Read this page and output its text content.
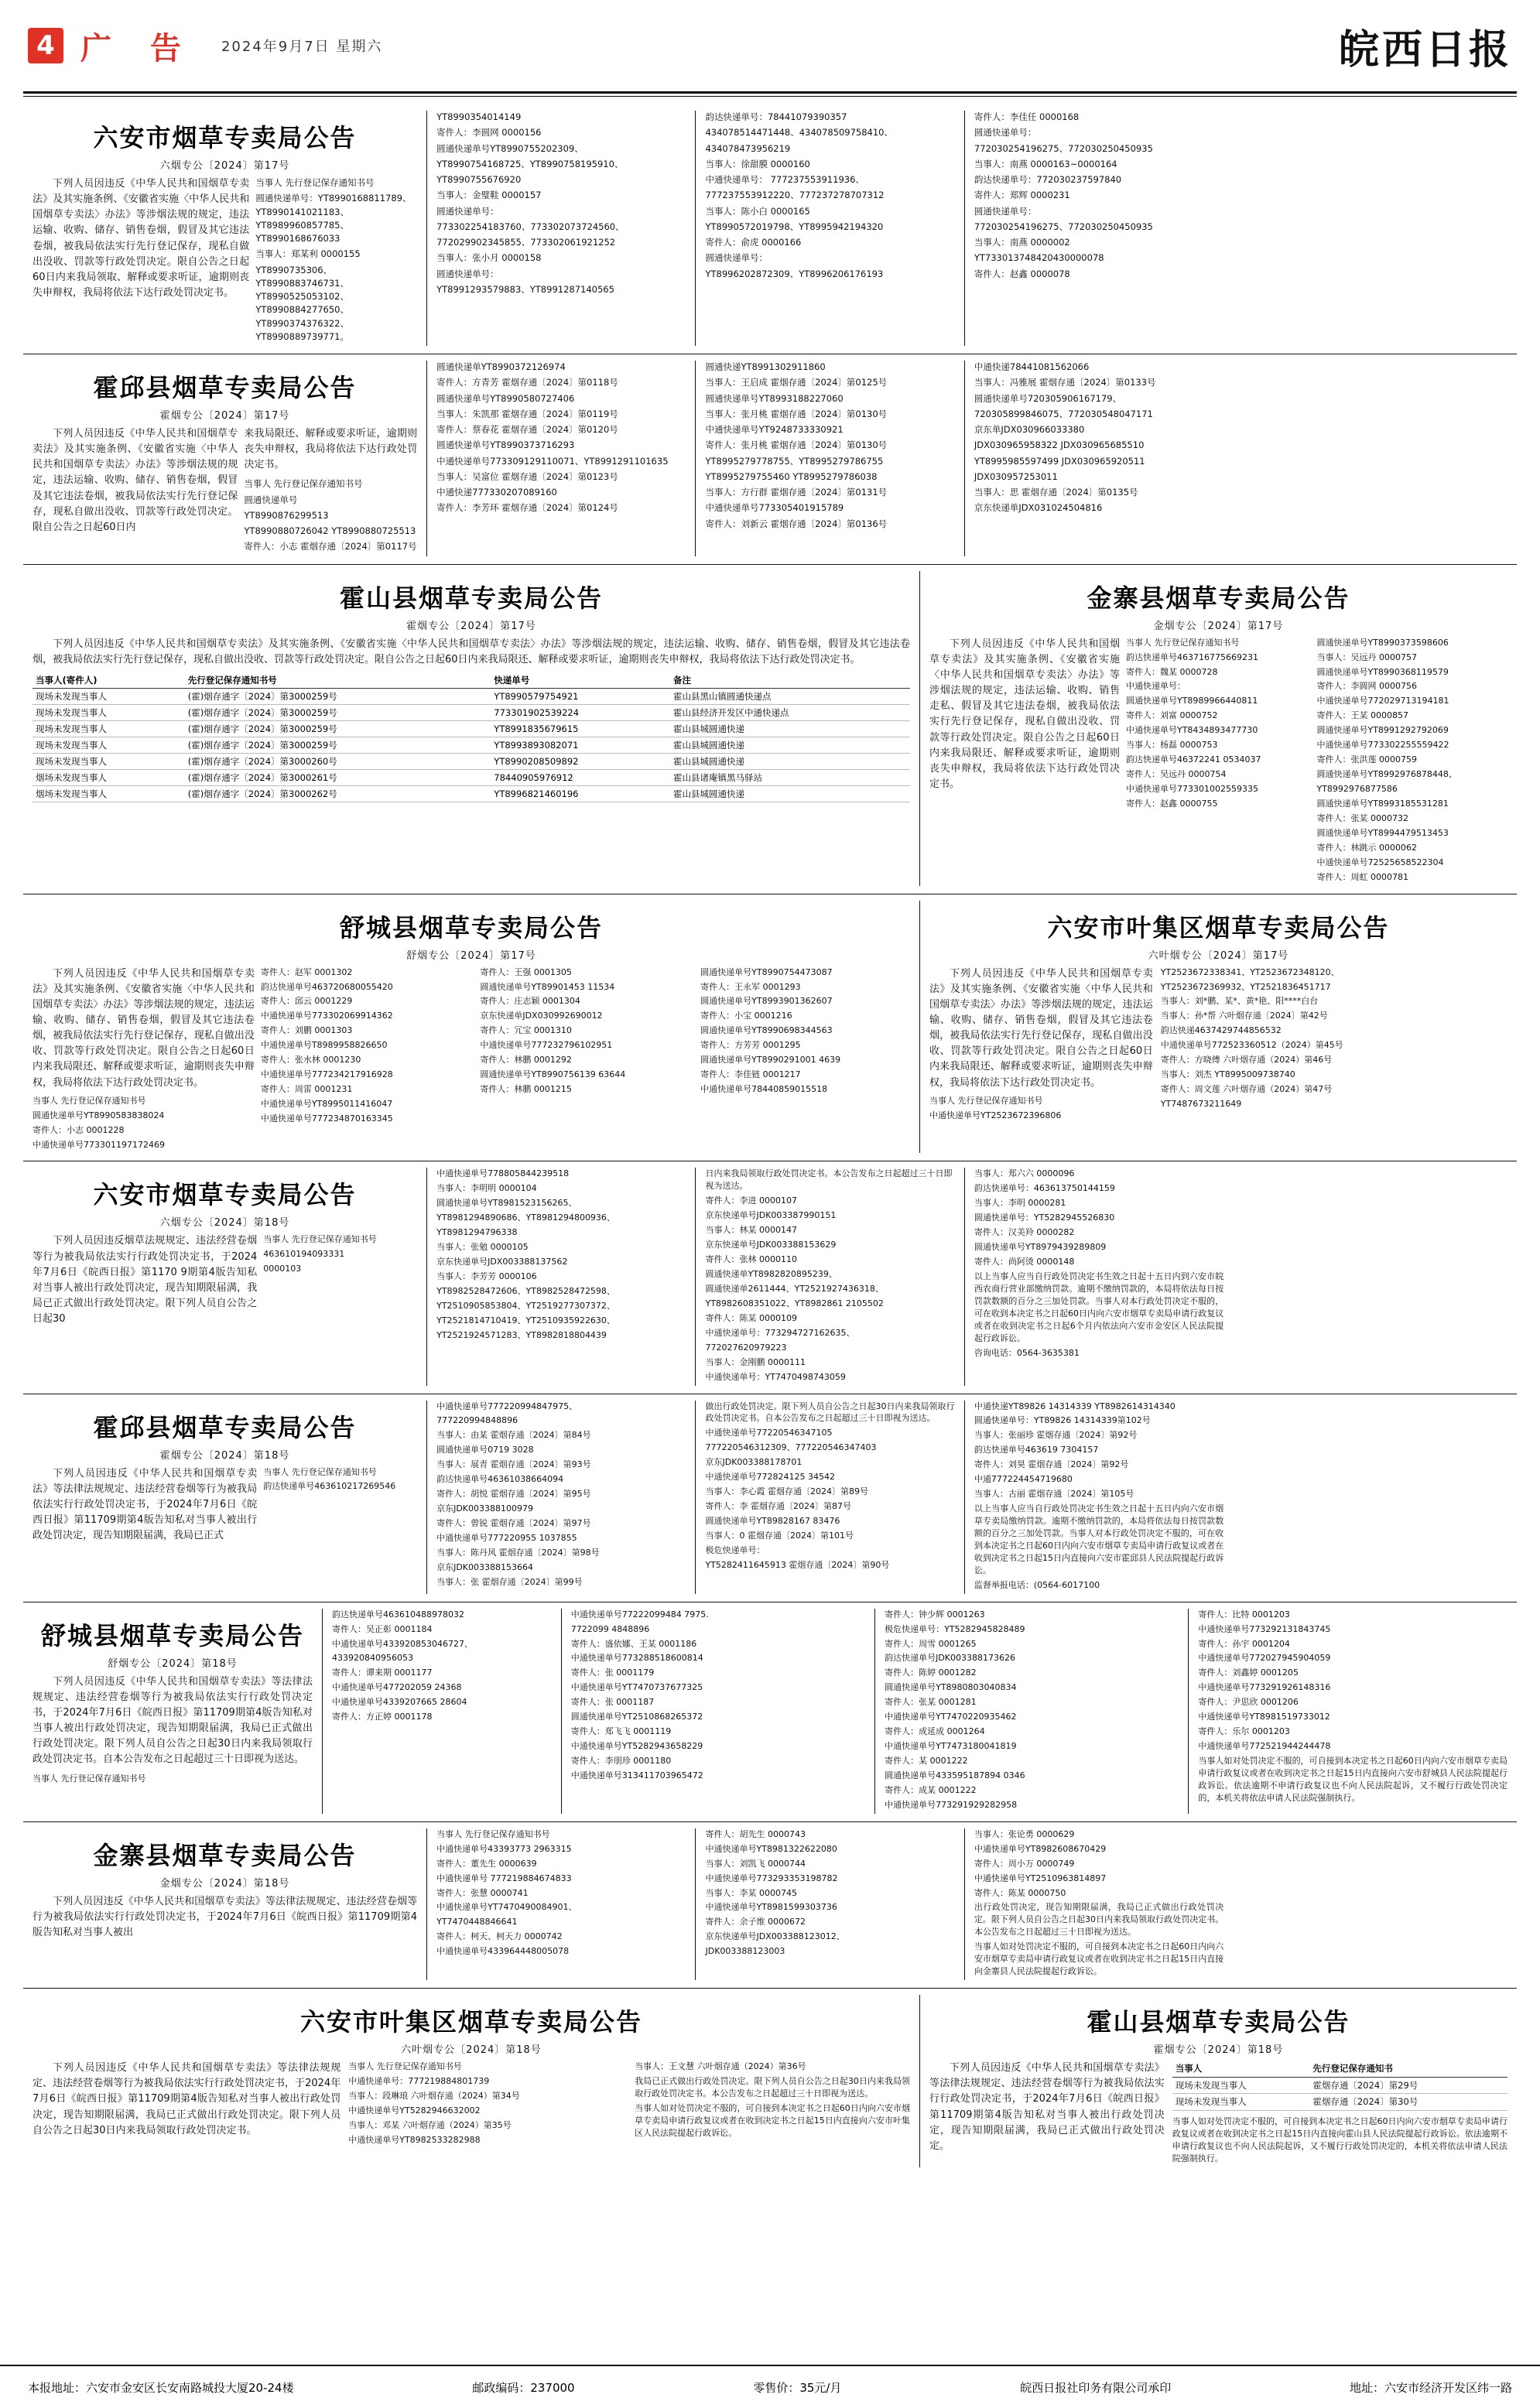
4 广 告 2024年9月7日 星期六	皖西日报
六安市烟草专卖局公告
六烟专公〔2024〕第17号
下列人员因违反《中华人民共和国烟草专卖法》及其实施条例、《安徽省实施〈中华人民共和国烟草专卖法〉办法》等涉烟法规的规定，违法运输、收购、储存、销售卷烟，假冒及其它违法卷烟，被我局依法实行先行登记保存，现私自做出没收、罚款等行政处罚决定。限自公告之日起60日内来我局领取、解释或要求听证，逾期则丧失申辩权，我局将依法下达行政处罚决定书。
当事人 先行登记保存通知书号
圆通快递单号：YT8990168811789、YT8990141021183、YT8989960857785、YT8990168676033
当事人：郑某利 0000155
YT8990735306、YT8990883746731、YT8990525053102、YT8990884277650、YT8990374376322、YT8990889739771。
YT8990354014149
寄件人：李圆网 0000156
圆通快递单号YT8990755202309、
YT8990754168725、YT8990758195910、
YT8990755676920
当事人：金璧鞋 0000157
圆通快递单号：
773302254183760、773302073724560、
772029902345855、773302061921252
当事人：张小月 0000158
圆通快递单号：
YT8991293579883、YT8991287140565
韵达快递单号：78441079390357
434078514471448、434078509758410、
434078473956219
当事人：徐甜膜 0000160
中通快递单号： 777237553911936、
777237553912220、777237278707312
当事人：陈小白 0000165
YT8990572019798、YT8995942194320
寄件人：俞虎 0000166
圆通快递单号：
YT8996202872309、YT8996206176193
寄件人：李佳任 0000168
圆通快递单号：
772030254196275、772030250450935
当事人：南燕 0000163~0000164
韵达快递单号：772030237597840
寄件人：郑辉 0000231
圆通快递单号：
772030254196275、772030250450935
当事人：南燕 0000002
YT733013748420430000078
寄件人：赵鑫 0000078
霍邱县烟草专卖局公告
霍烟专公〔2024〕第17号
下列人员因违反《中华人民共和国烟草专卖法》及其实施条例、《安徽省实施〈中华人民共和国烟草专卖法〉办法》等涉烟法规的规定，违法运输、收购、储存、销售卷烟，假冒及其它违法卷烟，被我局依法实行先行登记保存，现私自做出没收、罚款等行政处罚决定。限自公告之日起60日内
来我局限还、解释或要求听证，逾期则丧失申辩权，我局将依法下达行政处罚决定书。
当事人 先行登记保存通知书号
圆通快递单号
YT8990876299513
YT8990880726042 YT8990880725513
寄件人：小志 霍烟存通〔2024〕第0117号
圆通快递单YT8990372126974
寄件人：方青芳 霍烟存通〔2024〕第0118号
圆通快递单号YT8990580727406
当事人：朱凯那 霍烟存通〔2024〕第0119号
寄件人：蔡春花 霍烟存通〔2024〕第0120号
圆通快递单号YT8990373716293
中通快递单号773309129110071、YT8991291101635
当事人：吴富位 霍烟存通〔2024〕第0123号
中通快递777330207089160
寄件人：李芳环 霍烟存通〔2024〕第0124号
圆通快递YT8991302911860
当事人：王启成 霍烟存通〔2024〕第0125号
圆通快递单号YT8993188227060
当事人：张月桃 霍烟存通〔2024〕第0130号
中通快递单号YT9248733330921
寄件人：张月桃 霍烟存通〔2024〕第0130号
YT8995279778755、YT8995279786755
YT8995279755460 YT8995279786038
当事人：方行群 霍烟存通〔2024〕第0131号
中通快递单号773305401915789
寄件人：刘新云 霍烟存通〔2024〕第0136号
中通快递78441081562066
当事人：冯雅展 霍烟存通〔2024〕第0133号
圆通快递单号720305906167179、
720305899846075、772030548047171
京东单JDX030966033380
JDX030965958322 JDX030965685510
YT8995985597499 JDX030965920511
JDX030957253011
当事人：思 霍烟存通〔2024〕第0135号
京东快递单JDX031024504816
霍山县烟草专卖局公告
霍烟专公〔2024〕第17号
下列人员因违反《中华人民共和国烟草专卖法》及其实施条例、《安徽省实施〈中华人民共和国烟草专卖法〉办法》等涉烟法规的规定，违法运输、收购、储存、销售卷烟，假冒及其它违法卷烟，被我局依法实行先行登记保存，现私自做出没收、罚款等行政处罚决定。限自公告之日起60日内来我局限还、解释或要求听证，逾期则丧失申辩权，我局将依法下达行政处罚决定书。
当事人(寄件人)	先行登记保存通知书号	快递单号	备注
现场未发现当事人	(霍)烟存通字〔2024〕第3000259号	YT8990579754921	霍山县黑山镇圆通快递点
现场未发现当事人	(霍)烟存通字〔2024〕第3000259号	773301902539224	霍山县经济开发区中通快递点
现场未发现当事人	(霍)烟存通字〔2024〕第3000259号	YT8991835679615	霍山县城圆通快递
现场未发现当事人	(霍)烟存通字〔2024〕第3000259号	YT8993893082071	霍山县城圆通快递
现场未发现当事人	(霍)烟存通字〔2024〕第3000260号	YT8990208509892	霍山县城圆通快递
烟场未发现当事人	(霍)烟存通字〔2024〕第3000261号	78440905976912	霍山县诸庵镇黑马驿站
烟场未发现当事人	(霍)烟存通字〔2024〕第3000262号	YT8996821460196	霍山县城圆通快递
金寨县烟草专卖局公告
金烟专公〔2024〕第17号
下列人员因违反《中华人民共和国烟草专卖法》及其实施条例、《安徽省实施〈中华人民共和国烟草专卖法〉办法》等涉烟法规的规定，违法运输、收购、销售走私、假冒及其它违法卷烟，被我局依法实行先行登记保存，现私自做出没收、罚款等行政处罚决定。限自公告之日起60日内来我局限还、解释或要求听证，逾期则丧失申辩权，我局将依法下达行政处罚决定书。
当事人 先行登记保存通知书号
韵达快递单号463716775669231
寄件人：魏某 0000728
中通快递单号：
圆通快递单号YT8989966440811
寄件人：刘富 0000752
中通快递单号YT8434893477730
当事人：杨磊 0000753
韵达快递单号46372241 0534037
寄件人：吴远丹 0000754
中通快递单号773301002559335
寄件人：赵鑫 0000755
圆通快递单号YT8990373598606
当事人：吴远丹 0000757
圆通快递单号YT8990368119579
寄件人：李圆网 0000756
中通快递单号772029713194181
寄件人：王某 0000857
圆通快递单号YT8991292792069
中通快递单号773302255559422
寄件人：张洪莲 0000759
圆通快递单号YT8992976878448、
YT8992976877586
圆通快递单号YT8993185531281
寄件人：张某 0000732
圆通快递单号YT8994479513453
寄件人：林跳示 0000062
中通快递单号72525658522304
寄件人：周虹 0000781
舒城县烟草专卖局公告
舒烟专公〔2024〕第17号
下列人员因违反《中华人民共和国烟草专卖法》及其实施条例、《安徽省实施〈中华人民共和国烟草专卖法〉办法》等涉烟法规的规定，违法运输、收购、储存、销售卷烟，假冒及其它违法卷烟，被我局依法实行先行登记保存，现私自做出没收、罚款等行政处罚决定。限自公告之日起60日内来我局限还、解释或要求听证，逾期则丧失申辩权，我局将依法下达行政处罚决定书。
当事人 先行登记保存通知书号
圆通快递单号YT8990583838024
寄件人：小志 0001228
中通快递单号773301197172469
寄件人：赵军 0001302
韵达快递单号463720680055420
寄件人：邱云 0001229
中通快递单号773302069914362
寄件人：刘鹏 0001303
中通快递单号T8989958826650
寄件人：张水林 0001230
中通快递单号777234217916928
寄件人：周雷 0001231
中通快递单号YT8995011416047
中通快递单号777234870163345
寄件人：王强 0001305
圆通快递单号YT89901453 11534
寄件人：庄志颖 0001304
京东快递单JDX030992690012
寄件人：冗宝 0001310
中通快递单号777232796102951
寄件人：林鹏 0001292
圆通快递单号YT8990756139 63644
寄件人：林鹏 0001215
圆通快递单号YT8990754473087
寄件人：王永军 0001293
圆通快递单号YT8993901362607
寄件人：小宝 0001216
圆通快递单号YT8990698344563
寄件人：方芳芳 0001295
圆通快递单号YT8990291001 4639
寄件人：李佳链 0001217
中通快递单号78440859015518
六安市叶集区烟草专卖局公告
六叶烟专公〔2024〕第17号
下列人员因违反《中华人民共和国烟草专卖法》及其实施条例、《安徽省实施〈中华人民共和国烟草专卖法〉办法》等涉烟法规的规定，违法运输、收购、储存、销售卷烟，假冒及其它违法卷烟，被我局依法实行先行登记保存，现私自做出没收、罚款等行政处罚决定。限自公告之日起60日内来我局限还、解释或要求听证，逾期则丧失申辩权，我局将依法下达行政处罚决定书。
当事人 先行登记保存通知书号
中通快递单号YT2523672396806
YT2523672338341、YT2523672348120、
YT2523672369932、YT2521836451717
当事人：刘*鹏、某*、黄*艳、阳****白台
当事人：孙*帮 六叶烟存通〔2024〕第42号
韵达快递4637429744856532
中通快递单号772523360512（2024）第45号
寄件人：方晓傅 六叶烟存通（2024）第46号
当事人：刘杰 YT8995009738740
寄件人：周文莲 六叶烟存通（2024）第47号
YT7487673211649
六安市烟草专卖局公告
六烟专公〔2024〕第18号
下列人员因违反烟草法规规定、违法经营卷烟等行为被我局依法实行行政处罚决定书，于2024年7月6日《皖西日报》第1170 9期第4版告知私对当事人被出行政处罚决定，现告知期限届满，我局已正式做出行政处罚决定。限下列人员自公告之日起30
当事人 先行登记保存通知书号
463610194093331
0000103
中通快递单号778805844239518
当事人：李明明 0000104
圆通快递单号YT8981523156265、
YT8981294890686、YT8981294800936、
YT8981294796338
当事人：张勉 0000105
京东快递单号JDX003388137562
当事人：李芳芳 0000106
YT8982528472606、YT8982528472598、
YT2510905853804、YT2519277307372、
YT2521814710419、YT2510935922630、
YT2521924571283、YT8982818804439
日内来我局领取行政处罚决定书。本公告发布之日起超过三十日即视为送达。
寄件人：李进 0000107
京东快递单号JDK003387990151
当事人：林某 0000147
京东快递单号JDK003388153629
寄件人：张林 0000110
圆通快递单YT8982820895239、
圆通快递单2611444、YT2521927436318、
YT8982608351022、YT8982861 2105502
寄件人：陈某 0000109
中通快递单号：773294727162635、
772027620979223
当事人：金刚鹏 0000111
中通快递单号：YT7470498743059
当事人：郑六六 0000096
韵达快递单号：463613750144159
当事人：李明 0000281
圆通快递单号：YT5282945526830
寄件人：汉美羚 0000282
圆通快递单号YT8979439289809
寄件人：尚阿烫 0000148
以上当事人应当自行政处罚决定书生效之日起十五日内到六安市皖西农商行营业部缴纳罚款。逾期不缴纳罚款的，本局将依法每日按罚款数额的百分之三加处罚款。当事人对本行政处罚决定不服的，可在收到本决定书之日起60日内向六安市烟草专卖局申请行政复议或者在收到决定书之日起6个月内依法向六安市金安区人民法院提起行政诉讼。
咨询电话：0564-3635381
霍邱县烟草专卖局公告
霍烟专公〔2024〕第18号
下列人员因违反《中华人民共和国烟草专卖法》等法律法规规定、违法经营卷烟等行为被我局依法实行行政处罚决定书，于2024年7月6日《皖西日报》第11709期第4版告知私对当事人被出行政处罚决定，现告知期限届满，我局已正式
当事人 先行登记保存通知书号
韵达快递单号463610217269546
中通快递单号777220994847975、
777220994848896
当事人：由某 霍烟存通〔2024〕第84号
圆通快递单号0719 3028
当事人：展青 霍烟存通〔2024〕第93号
韵达快递单号46361038664094
寄件人：胡悦 霍烟存通〔2024〕第95号
京东JDK003388100979
寄件人：曾锐 霍烟存通〔2024〕第97号
中通快递单号777220955 1037855
当事人：陈丹风 霍烟存通〔2024〕第98号
京东JDK003388153664
当事人：张 霍烟存通〔2024〕第99号
做出行政处罚决定。限下列人员自公告之日起30日内来我局领取行政处罚决定书。自本公告发布之日起超过三十日即视为送达。
中通快递单号77220546347105
777220546312309、777220546347403
京东JDK003388178701
中通快递单号772824125 34542
当事人：李心霞 霍烟存通〔2024〕第89号
寄件人：李 霍烟存通〔2024〕第87号
圆通快递单号YT89828167 83476
当事人：0 霍烟存通〔2024〕第101号
极危快递单号：
YT5282411645913 霍烟存通〔2024〕第90号
中通快递YT89826 14314339 YT8982614314340
圆通快递单号：YT89826 14314339第102号
当事人：张丽珍 霍烟存通〔2024〕第92号
韵达快递单号463619 7304157
寄件人：刘昊 霍烟存通〔2024〕第92号
中通777224454719680
当事人：古丽 霍烟存通〔2024〕第105号
以上当事人应当自行政处罚决定书生效之日起十五日内向六安市烟草专卖局缴纳罚款。逾期不缴纳罚款的，本局将依法每日按罚款数额的百分之三加处罚款。当事人对本行政处罚决定不服的，可在收到本决定书之日起60日内向六安市烟草专卖局申请行政复议或者在收到决定书之日起15日内直接向六安市霍邱县人民法院提起行政诉讼。
监督举报电话：(0564-6017100
舒城县烟草专卖局公告
舒烟专公〔2024〕第18号
下列人员因违反《中华人民共和国烟草专卖法》等法律法规规定、违法经营卷烟等行为被我局依法实行行政处罚决定书，于2024年7月6日《皖西日报》第11709期第4版告知私对当事人被出行政处罚决定，现告知期限届满，我局已正式做出行政处罚决定。限下列人员自公告之日起30日内来我局领取行政处罚决定书。自本公告发布之日起超过三十日即视为送达。
当事人 先行登记保存通知书号
韵达快递单号463610488978032
寄件人：吴正彰 0001184
中通快递单号433920853046727、
433920840956053
寄件人：谭来期 0001177
中通快递单号477202059 24368
中通快递单号4339207665 28604
寄件人：方正婷 0001178
中通快递单号77222099484 7975.
7722099 4848896
寄件人：盛依娜、王某 0001186
中通快递单号773288518600814
寄件人：张 0001179
中通快递单号YT7470737677325
寄件人：张 0001187
圆通快递单号YT2510868265372
寄件人：郑飞飞 0001119
中通快递单号YT5282943658229
寄件人：李朋珍 0001180
中通快递单号313411703965472
寄件人：钟少辉 0001263
极危快递单号：YT5282945828489
寄件人：周雪 0001265
韵达快递单号JDK003388173626
寄件人：陈婷 0001282
圆通快递单号YT8980803040834
寄件人：张某 0001281
中通快递单号YT7470220935462
寄件人：成延成 0001264
中通快递单号YT7473180041819
寄件人：某 0001222
圆通快递单号433595187894 0346
寄件人：成某 0001222
中通快递单号773291929282958
寄件人：比特 0001203
中通快递单号773292131843745
寄件人：孙宇 0001204
中通快递单号772027945904059
寄件人：刘鑫婷 0001205
中通快递单号773291926148316
寄件人：尹思欣 0001206
中通快递单号YT8981519733012
寄件人：乐尔 0001203
中通快递单号772521944244478
当事人如对处罚决定不服的，可自接到本决定书之日起60日内向六安市烟草专卖局申请行政复议或者在收到决定书之日起15日内直接向六安市舒城县人民法院提起行政诉讼。依法逾期不申请行政复议也不向人民法院起诉，又不履行行政处罚决定的，本机关将依法申请人民法院强制执行。
金寨县烟草专卖局公告
金烟专公〔2024〕第18号
下列人员因违反《中华人民共和国烟草专卖法》等法律法规规定、违法经营卷烟等行为被我局依法实行行政处罚决定书，于2024年7月6日《皖西日报》第11709期第4版告知私对当事人被出
当事人 先行登记保存通知书号
中通快递单号43393773 2963315
寄件人：董先生 0000639
中通快递单号 777219884674833
寄件人：张慧 0000741
中通快递单号YT7470490084901、
YT7470448846641
寄件人：柯天、柯天力 0000742
中通快递单号433964448005078
寄件人：胡先生 0000743
中通快递单号YT8981322622080
当事人：刘凯飞 0000744
中通快递单号773293353198782
当事人：李某 0000745
中通快递单号YT8981599303736
寄件人：余子维 0000672
京东快递单号JDX003388123012、
JDK003388123003
当事人：张论勇 0000629
中通快递单号YT8982608670429
寄件人：周小万 0000749
中通快递单号YT2510963814897
寄件人：陈某 0000750
出行政处罚决定，现告知期限届满，我局已正式做出行政处罚决定。限下列人员自公告之日起30日内来我局领取行政处罚决定书。本公告发布之日起超过三十日即视为送达。
当事人如对处罚决定不服的，可自接到本决定书之日起60日内向六安市烟草专卖局申请行政复议或者在收到决定书之日起15日内直接向金寨县人民法院提起行政诉讼。
六安市叶集区烟草专卖局公告
六叶烟专公〔2024〕第18号
下列人员因违反《中华人民共和国烟草专卖法》等法律法规规定、违法经营卷烟等行为被我局依法实行行政处罚决定书，于2024年7月6日《皖西日报》第11709期第4版告知私对当事人被出行政处罚决定，现告知期限届满，我局已正式做出行政处罚决定。限下列人员自公告之日起30日内来我局领取行政处罚决定书。
当事人 先行登记保存通知书号
中通快递单号：777219884801739
当事人：段琳琅 六叶烟存通（2024）第34号
中通快递单号YT5282946632002
当事人：邓某 六叶烟存通（2024）第35号
中通快递单号YT8982533282988
当事人：王文慧 六叶烟存通（2024）第36号
我局已正式做出行政处罚决定。限下列人员自公告之日起30日内来我局领取行政处罚决定书。本公告发布之日起超过三十日即视为送达。
当事人如对处罚决定不服的，可自接到本决定书之日起60日内向六安市烟草专卖局申请行政复议或者在收到决定书之日起15日内直接向六安市叶集区人民法院提起行政诉讼。
霍山县烟草专卖局公告
霍烟专公〔2024〕第18号
下列人员因违反《中华人民共和国烟草专卖法》等法律法规规定、违法经营卷烟等行为被我局依法实行行政处罚决定书，于2024年7月6日《皖西日报》第11709期第4版告知私对当事人被出行政处罚决定，现告知期限届满，我局已正式做出行政处罚决定。
当事人	先行登记保存通知书
现场未发现当事人	霍烟存通〔2024〕第29号
现场未发现当事人	霍烟存通〔2024〕第30号
当事人如对处罚决定不服的，可自接到本决定书之日起60日内向六安市烟草专卖局申请行政复议或者在收到决定书之日起15日内直接向霍山县人民法院提起行政诉讼。依法逾期不申请行政复议也不向人民法院起诉，又不履行行政处罚决定的，本机关将依法申请人民法院强制执行。
本报地址：六安市金安区长安南路城投大厦20-24楼	邮政编码：237000	零售价：35元/月	皖西日报社印务有限公司承印	地址：六安市经济开发区纬一路
